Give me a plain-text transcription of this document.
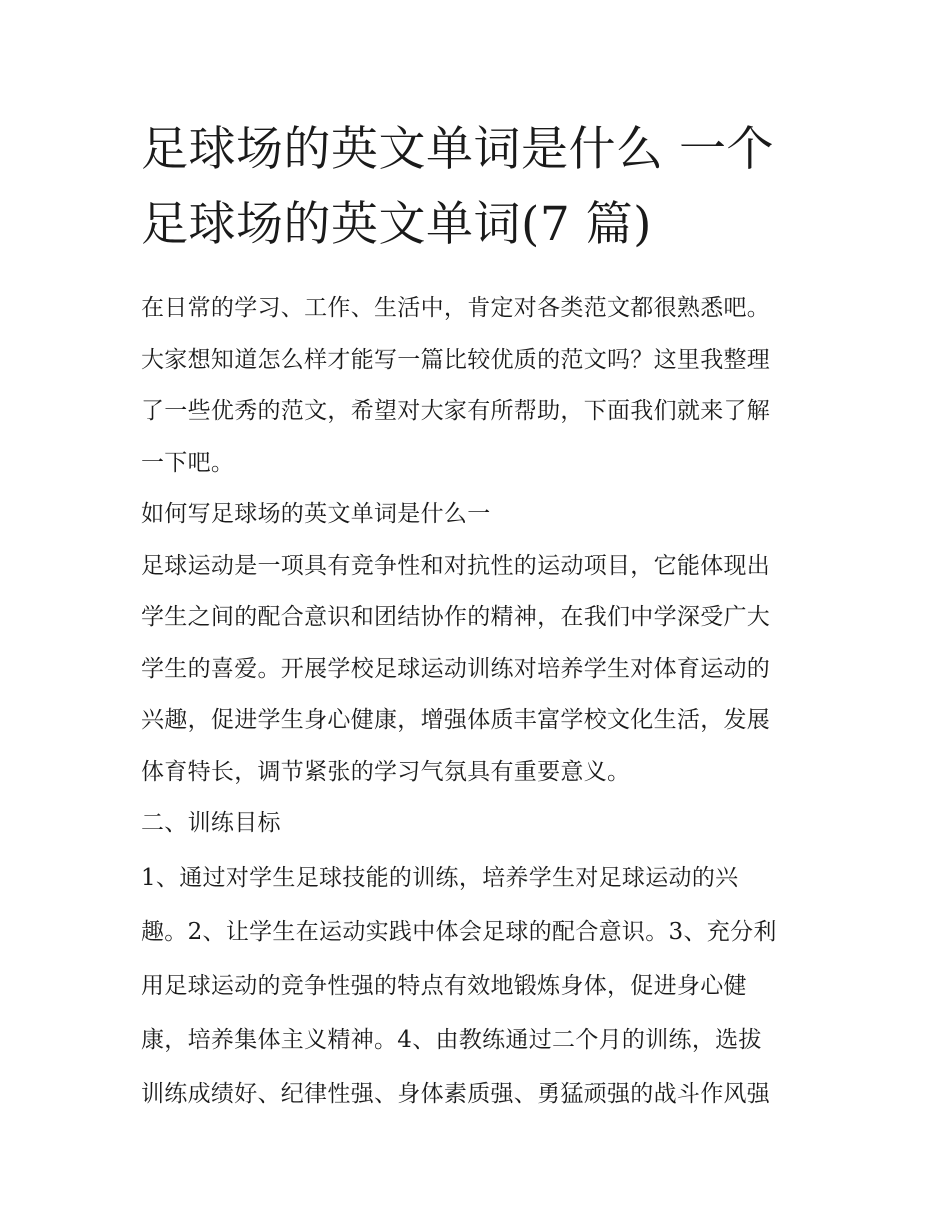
足球场的英文单词是什么 一个
足球场的英文单词(7 篇)

在日常的学习、工作、生活中，肯定对各类范文都很熟悉吧。

大家想知道怎么样才能写一篇比较优质的范文吗？这里我整理

了一些优秀的范文，希望对大家有所帮助，下面我们就来了解

一下吧。

如何写足球场的英文单词是什么一

足球运动是一项具有竞争性和对抗性的运动项目，它能体现出

学生之间的配合意识和团结协作的精神，在我们中学深受广大

学生的喜爱。开展学校足球运动训练对培养学生对体育运动的

兴趣，促进学生身心健康，增强体质丰富学校文化生活，发展

体育特长，调节紧张的学习气氛具有重要意义。

二、训练目标

1、通过对学生足球技能的训练，培养学生对足球运动的兴

趣。2、让学生在运动实践中体会足球的配合意识。3、充分利

用足球运动的竞争性强的特点有效地锻炼身体，促进身心健

康，培养集体主义精神。4、由教练通过二个月的训练，选拔

训练成绩好、纪律性强、身体素质强、勇猛顽强的战斗作风强
